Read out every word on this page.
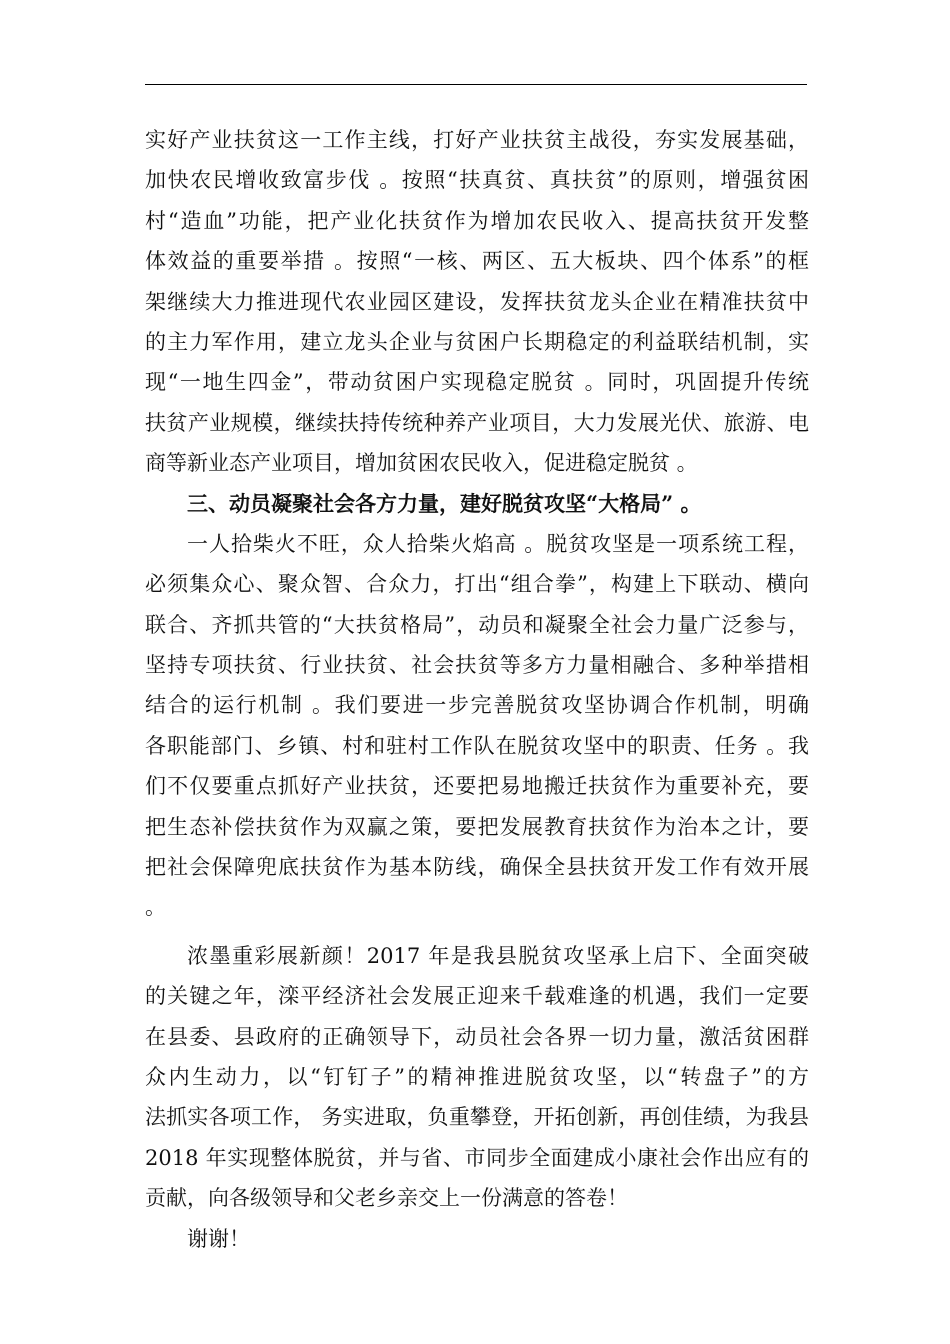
实好产业扶贫这一工作主线，打好产业扶贫主战役，夯实发展基础，
加快农民增收致富步伐 。按照“扶真贫、真扶贫”的原则，增强贫困
村“造血”功能，把产业化扶贫作为增加农民收入、提高扶贫开发整
体效益的重要举措 。按照“一核、两区、五大板块、四个体系”的框
架继续大力推进现代农业园区建设，发挥扶贫龙头企业在精准扶贫中
的主力军作用，建立龙头企业与贫困户长期稳定的利益联结机制，实
现“一地生四金”，带动贫困户实现稳定脱贫 。同时，巩固提升传统
扶贫产业规模，继续扶持传统种养产业项目，大力发展光伏、旅游、电
商等新业态产业项目，增加贫困农民收入，促进稳定脱贫 。
三、动员凝聚社会各方力量，建好脱贫攻坚“大格局” 。
一人拾柴火不旺，众人拾柴火焰高 。脱贫攻坚是一项系统工程，
必须集众心、聚众智、合众力，打出“组合拳”，构建上下联动、横向
联合、齐抓共管的“大扶贫格局”，动员和凝聚全社会力量广泛参与，
坚持专项扶贫、行业扶贫、社会扶贫等多方力量相融合、多种举措相
结合的运行机制 。我们要进一步完善脱贫攻坚协调合作机制，明确
各职能部门、乡镇、村和驻村工作队在脱贫攻坚中的职责、任务 。我
们不仅要重点抓好产业扶贫，还要把易地搬迁扶贫作为重要补充，要
把生态补偿扶贫作为双赢之策，要把发展教育扶贫作为治本之计，要
把社会保障兜底扶贫作为基本防线，确保全县扶贫开发工作有效开展
。
浓墨重彩展新颜！2017 年是我县脱贫攻坚承上启下、全面突破
的关键之年，滦平经济社会发展正迎来千载难逢的机遇，我们一定要
在县委、县政府的正确领导下，动员社会各界一切力量，激活贫困群
众内生动力，以“钉钉子”的精神推进脱贫攻坚，以“转盘子”的方
法抓实各项工作， 务实进取，负重攀登，开拓创新，再创佳绩，为我县
2018 年实现整体脱贫，并与省、市同步全面建成小康社会作出应有的
贡献，向各级领导和父老乡亲交上一份满意的答卷！
谢谢！
